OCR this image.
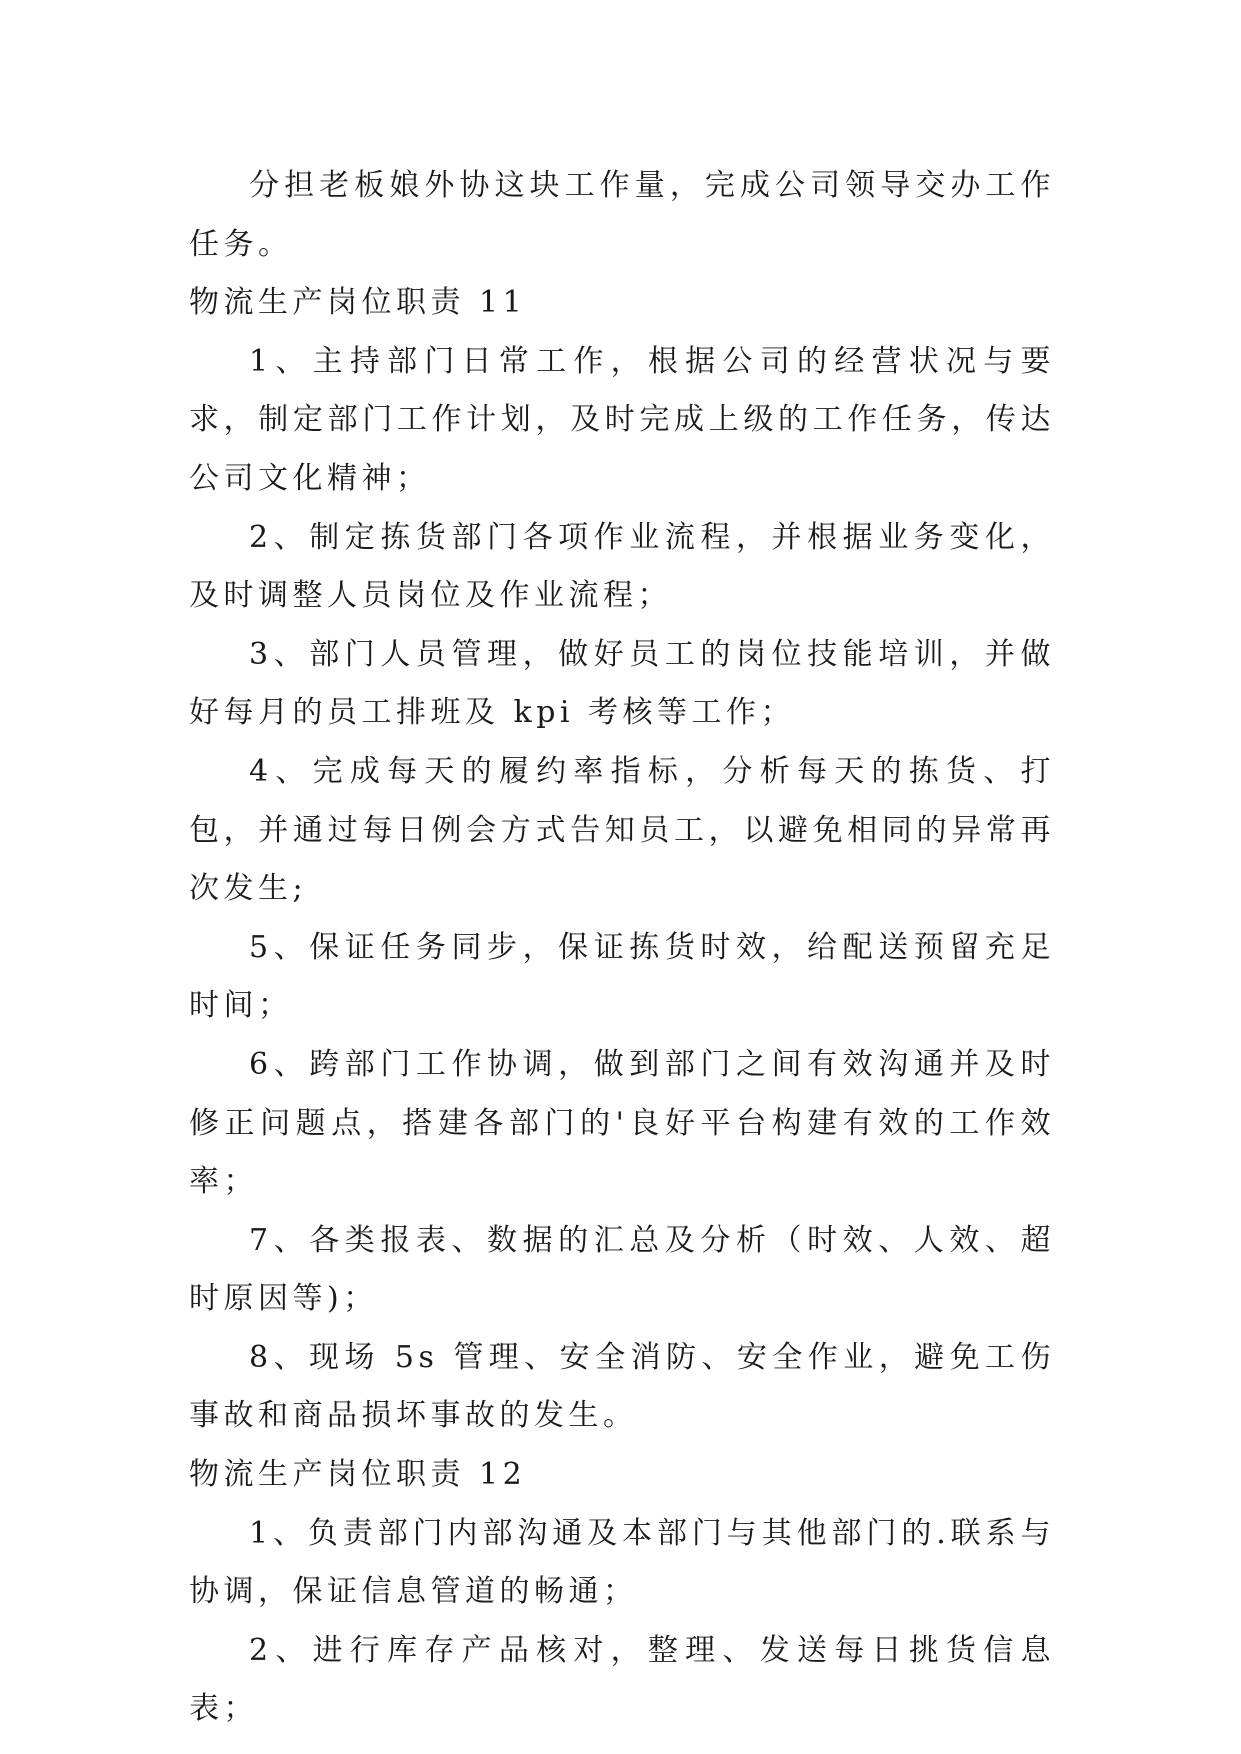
分担老板娘外协这块工作量，完成公司领导交办工作任务。

物流生产岗位职责 11

1、主持部门日常工作，根据公司的经营状况与要求，制定部门工作计划，及时完成上级的工作任务，传达公司文化精神；

2、制定拣货部门各项作业流程，并根据业务变化，及时调整人员岗位及作业流程；

3、部门人员管理，做好员工的岗位技能培训，并做好每月的员工排班及 kpi 考核等工作；

4、完成每天的履约率指标，分析每天的拣货、打包，并通过每日例会方式告知员工，以避免相同的异常再次发生;

5、保证任务同步，保证拣货时效，给配送预留充足时间；

6、跨部门工作协调，做到部门之间有效沟通并及时修正问题点，搭建各部门的'良好平台构建有效的工作效率；

7、各类报表、数据的汇总及分析（时效、人效、超时原因等)；

8、现场 5s 管理、安全消防、安全作业，避免工伤事故和商品损坏事故的发生。

物流生产岗位职责 12

1、负责部门内部沟通及本部门与其他部门的.联系与协调，保证信息管道的畅通；

2、进行库存产品核对，整理、发送每日挑货信息表；
